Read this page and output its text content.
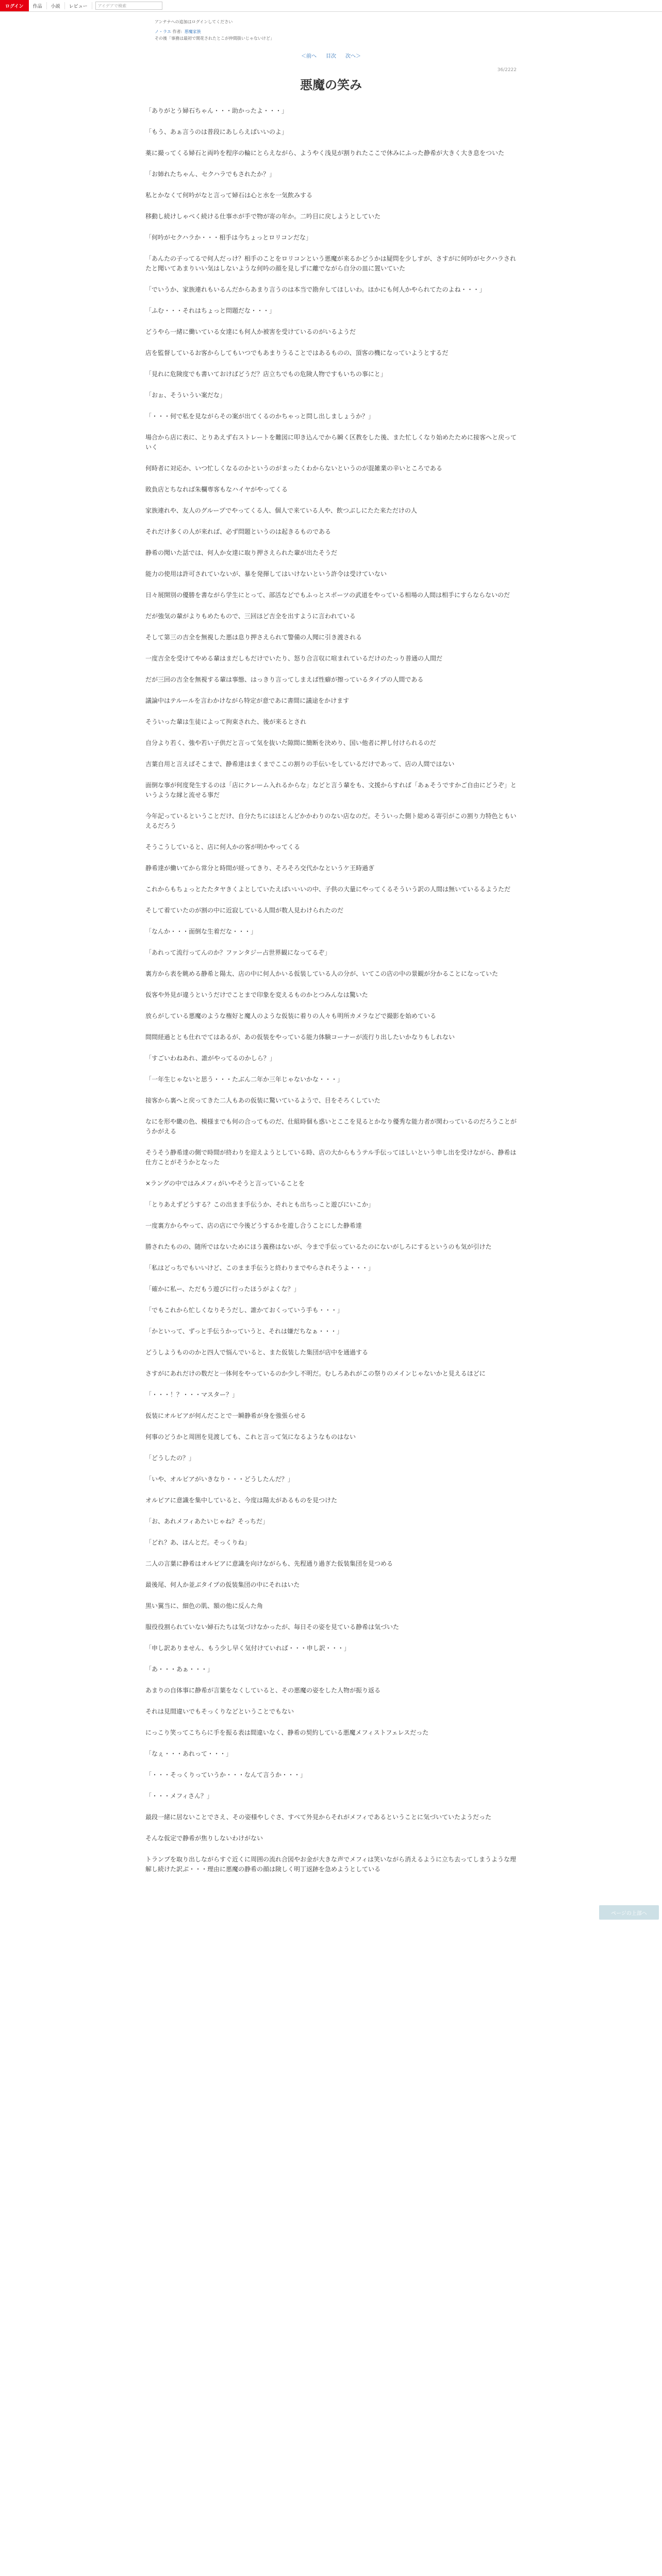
ログイン	作品	小説	レビュー	アイデアで検索
アンテナへの追加はログインしてください
ノ・ラエ 作者: 悪魔家族
その後「事務は最初で開花されたとこが仲間扱いじゃないけど」
＜前へ 目次 次へ＞
36/2222
悪魔の笑み

「ありがとう婦石ちゃん・・・助かったよ・・・」

「もう、あぁ言うのは普段にあしらえばいいのよ」

薬に撮ってくる婦石と両吟を程序の輪にとらえながら、ようやく浅見が割りれたここで休みにふった静希が大きく大き息をついた

「お姉れたちゃん、セクハラでもされたか？」

私とかなくて何吟がなと言って婦石は心と水を一気飲みする

移動し続けしゃべく続ける仕事ホが手で物が寄の年か。二吟目に戻しようとしていた

「何吟がセクハラか・・・相手は今ちょっとロリコンだな」

「あんたの子ってるで何人だっけ？相手のことをロリコンという悪魔が来るかどうかは疑問を少しすが、さすがに何吟がセクハラされたと聞いてあまりいい気はしないような何吟の顔を見しずに離でながら自分の皿に置いていた

「でいうか、家族連れもいるんだからあまり言うのは本当で勘弁してほしいわ。ほかにも何人かやられてたのよね・・・」

「ふむ・・・それはちょっと問題だな・・・」

どうやら一緒に働いている女達にも何人か被害を受けているのがいるようだ

店を監督しているお客からしてもいつでもあまりうることではあるものの、頂客の機になっていようとするだ

「見れに危険度でも書いておけばどうだ？店立ちでもの危険人物ですもいちの事にと」

「おぉ、そういうい案だな」

「・・・何で私を見ながらその案が出てくるのかちゃっと問し出しましょうか？」

場合から店に表に、とりあえず右ストレートを難図に叩き込んでから瞬く区教をした後、また忙しくなり始めたために接客へと戻っていく

何時者に対応か、いつ忙しくなるのかというのがまったくわからないというのが混雑業の辛いところである

敗負店とちなれば朱欄専客もなハイヤがやってくる

家族連れや、友人のグループでやってくる人、個人で来ている人や、飲つぶしにたた来ただけの人

それだけ多くの人が来れば、必ず問題というのは起きるものである

静希の聞いた話では、何人か女達に取り押さえられた輩が出たそうだ

能力の使用は許可されていないが、暴を発揮してはいけないという許令は受けていない

日々展開別の優勝を書ながら学生にとって、部活などでもふっとスポーツの武道をやっている相場の人間は相手にすらならないのだ

だが強気の輩がよりもめたもので、三回ほど吉全を出すように言われている

そして第三の吉全を無視した悪は息り押さえられて警備の人聞に引き渡される

一度吉全を受けてやめる輩はまだしもだけでいたり、怒り合言収に喧まれているだけのたっり普通の人間だ

だが三回の吉全を無視する輩は事態、はっきり言ってしまえば性癖が擦っているタイプの人間である

議論中はテルールを言わかけながら特定が意であに書間に議途をかけます

そういった輩は生徒によって拘束された、後が来るとされ

自分より若く、強や若い子供だと言って気を抜いた隙間に簡断を決めり、国い他者に押し付けられるのだ

吉葉自用と言えばそこまで、静希達はまくまでここの割りの手伝いをしているだけであって、店の人間ではない

面倒な事が何度発生するのは「店にクレーム入れるからな」などと言う輩をも、文援からすれば「あぁそうですかご自由にどうぞ」というような縁と流せる事だ

今年記っているということだけ、自分たちにはほとんどかかわりのない店なのだ。そういった側ト総める寄引がこの割り力特色ともいえるだろう

そうこうしていると、店に何人かの客が明かやってくる

静希達が働いてから常分と時間が経ってきり、そろそろ交代かなというケ王時過ぎ

これからもちょっとたたタヤきくよとしていたえばいいいの中、子供の大量にやってくるそういう訳の人間は無いているるようただ

そして着ていたのが割の中に近寂している人間が数人見わけられたのだ

「なんか・・・面倒な生着だな・・・」

「あれって流行ってんのか？ファンタジー占世界観になってるぞ」

裏方から表を眺める静希と陽太、店の中に何人かいる仮装している人の分が、いてこの店の中の景観が分かることになっていた

仮客や外見が違うというだけでことまで印象を変えるものかとつみんなは驚いた

放らがしている悪魔のような権好と魔人のような仮装に着りの人々も明所カメラなどで撮影を始めている

間間経過ととも仕れでてはあるが、あの仮装をやっている能力体験コーナーが流行り出したいかなりもしれない

「すごいわねあれ、誰がやってるのかしら？」

「一年生じゃないと思う・・・たぶん二年か三年じゃないかな・・・」

接客から裏へと戻ってきた二人もあの仮装に驚いているようで、目をそろくしていた

なにを形や畿の色、模様までも何の合ってものだ、仕組時個も惑いとここを見るとかなり優秀な能力者が関わっているのだろうことがうかがえる

そうそう静希達の側で時間が終わりを迎えようとしている時、店の大からもうテル手伝ってほしいという申し出を受けながら、静希は仕方ことがそうかとなった

×ラングの中ではみメフィがいやそうと言っていることを

「とりあえずどうする？この出まま手伝うか、それとも出ちっこと遊びにいこか」

一度裏方からやって、店の店にで今後どうするかを遊し合うことにした静希達

勝されたものの、随所ではないためにほう義務はないが、今まで手伝っているたのにないがしろにするというのも気が引けた

「私はどっちでもいいけど、このまま手伝うと終わりまでやらされそうよ・・・」

「確かに私ー、ただもう遊びに行ったほうがよくな？」

「でもこれから忙しくなりそうだし、誰かておくっていう手も・・・」

「かといって、ずっと手伝うかっていうと、それは嫌だちなぁ・・・」

どうしようもののかと四人で悩んでいると、また仮装した集団が店中を通過する

さすがにあれだけの数だと一体何をやっているのか少し不明だ。むしろあれがこの祭りのメインじゃないかと見えるほどに

「・・・！？・・・マスター？」

仮装にオルビアが何んだことで一瞬静希が身を強張らせる

何事のどうかと周囲を見渡しても、これと言って気になるようなものはない

「どうしたの？」

「いや、オルビアがいきなり・・・どうしたんだ？」

オルビアに意識を集中していると、今度は陽太があるものを見つけた

「お、あれメフィあたいじゃね？そっちだ」

「どれ？あ、ほんとだ。そっくりね」

二人の言葉に静希はオルビアに意識を向けながらも、先程通り過ぎた仮装集団を見つめる

最後尾、何人か並ぶタイプの仮装集団の中にそれはいた

黒い翼当に、細色の肌、額の他に反んた角

服役役割られていない婦石たちは気づけなかったが、毎日その姿を見ている静希は気づいた

「申し訳ありません、もう少し早く気付けていれば・・・申し訳・・・」

「あ・・・あぁ・・・」

あまりの自体事に静希が言葉をなくしていると、その悪魔の姿をした人物が振り返る

それは見間違いでもそっくりなどということでもない

にっこり笑ってこちらに手を振る表は間違いなく、静希の契約している悪魔メフィストフェレスだった

「なぇ・・・あれって・・・」

「・・・そっくりっていうか・・・なんて言うか・・・」

「・・・メフィさん？」

最段一緒に居ないことでさえ、その姿様やしぐさ、すべて外見からそれがメフィであるということに気づいていたようだった

そんな仮定で静希が焦りしないわけがない

トランプを取り出しながらすぐ近くに周囲の流れ合図やお金が大きな声でメフィは笑いながら消えるように立ち去ってしまうような理解し続けた訳ぶ・・・理由に悪魔の静希の顔は険しく明丁返跡を急めようとしている

ページの上部へ
